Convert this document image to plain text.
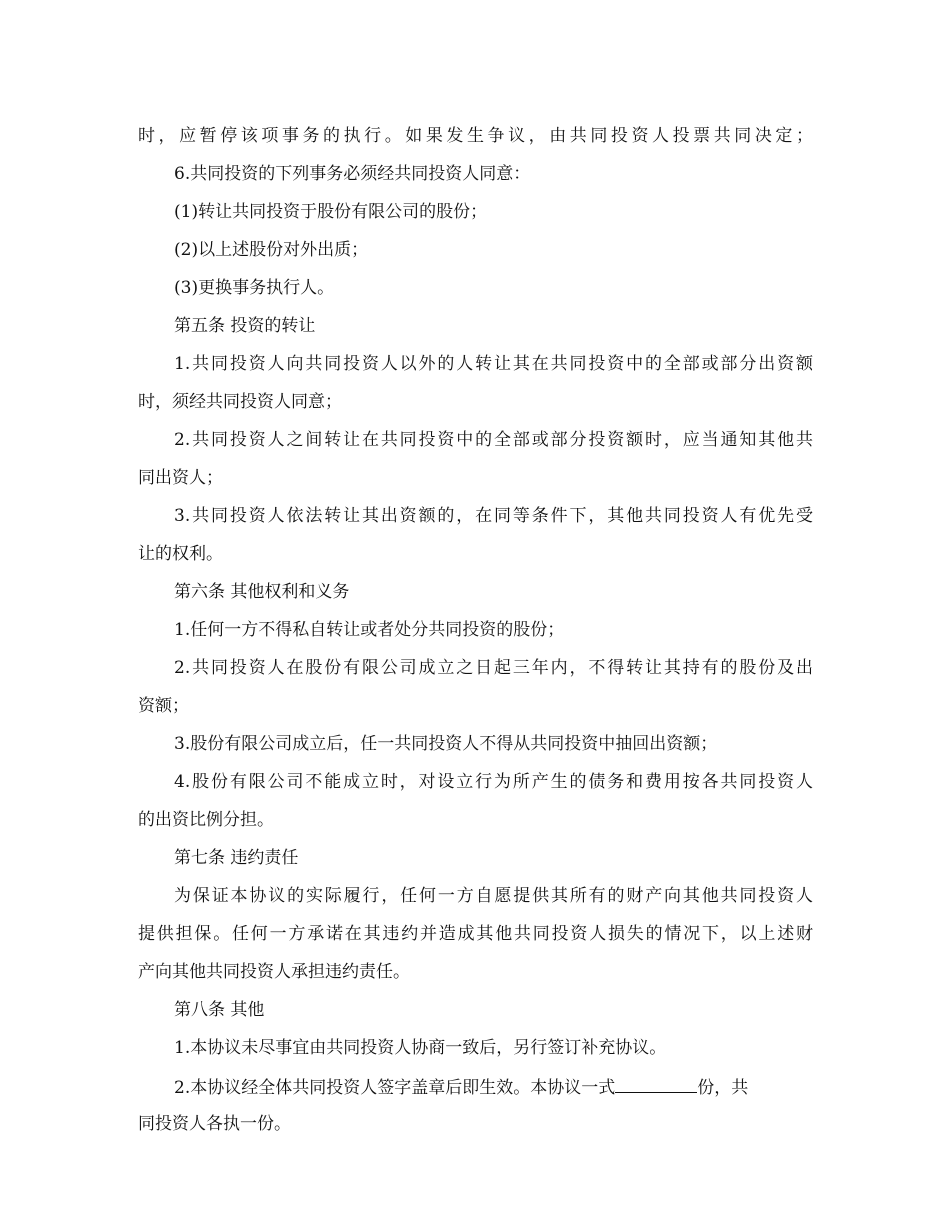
时，应暂停该项事务的执行。如果发生争议，由共同投资人投票共同决定；
6.共同投资的下列事务必须经共同投资人同意：
(1)转让共同投资于股份有限公司的股份；
(2)以上述股份对外出质；
(3)更换事务执行人。
第五条 投资的转让
1.共同投资人向共同投资人以外的人转让其在共同投资中的全部或部分出资额
时，须经共同投资人同意；
2.共同投资人之间转让在共同投资中的全部或部分投资额时，应当通知其他共
同出资人；
3.共同投资人依法转让其出资额的，在同等条件下，其他共同投资人有优先受
让的权利。
第六条 其他权利和义务
1.任何一方不得私自转让或者处分共同投资的股份；
2.共同投资人在股份有限公司成立之日起三年内，不得转让其持有的股份及出
资额；
3.股份有限公司成立后，任一共同投资人不得从共同投资中抽回出资额；
4.股份有限公司不能成立时，对设立行为所产生的债务和费用按各共同投资人
的出资比例分担。
第七条 违约责任
为保证本协议的实际履行，任何一方自愿提供其所有的财产向其他共同投资人
提供担保。任何一方承诺在其违约并造成其他共同投资人损失的情况下，以上述财
产向其他共同投资人承担违约责任。
第八条 其他
1.本协议未尽事宜由共同投资人协商一致后，另行签订补充协议。
2.本协议经全体共同投资人签字盖章后即生效。本协议一式	份，共
同投资人各执一份。
